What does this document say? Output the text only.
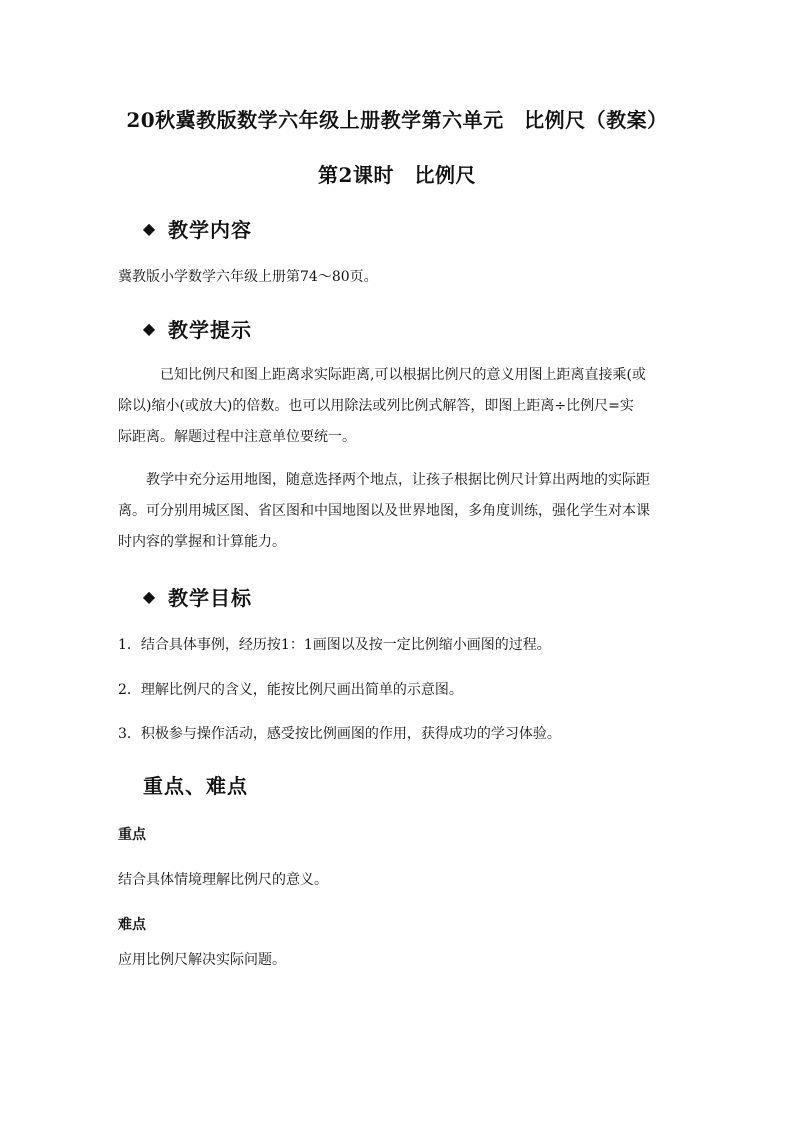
20秋冀教版数学六年级上册教学第六单元　比例尺（教案）
第2课时　比例尺
◆ 教学内容
冀教版小学数学六年级上册第74～80页。
◆ 教学提示
已知比例尺和图上距离求实际距离,可以根据比例尺的意义用图上距离直接乘(或
除以)缩小(或放大)的倍数。也可以用除法或列比例式解答，即图上距离÷比例尺=实
际距离。解题过程中注意单位要统一。
教学中充分运用地图，随意选择两个地点，让孩子根据比例尺计算出两地的实际距
离。可分别用城区图、省区图和中国地图以及世界地图，多角度训练，强化学生对本课
时内容的掌握和计算能力。
◆ 教学目标
1．结合具体事例，经历按1：1画图以及按一定比例缩小画图的过程。
2．理解比例尺的含义，能按比例尺画出简单的示意图。
3．积极参与操作活动，感受按比例画图的作用，获得成功的学习体验。
重点、难点
重点
结合具体情境理解比例尺的意义。
难点
应用比例尺解决实际问题。
